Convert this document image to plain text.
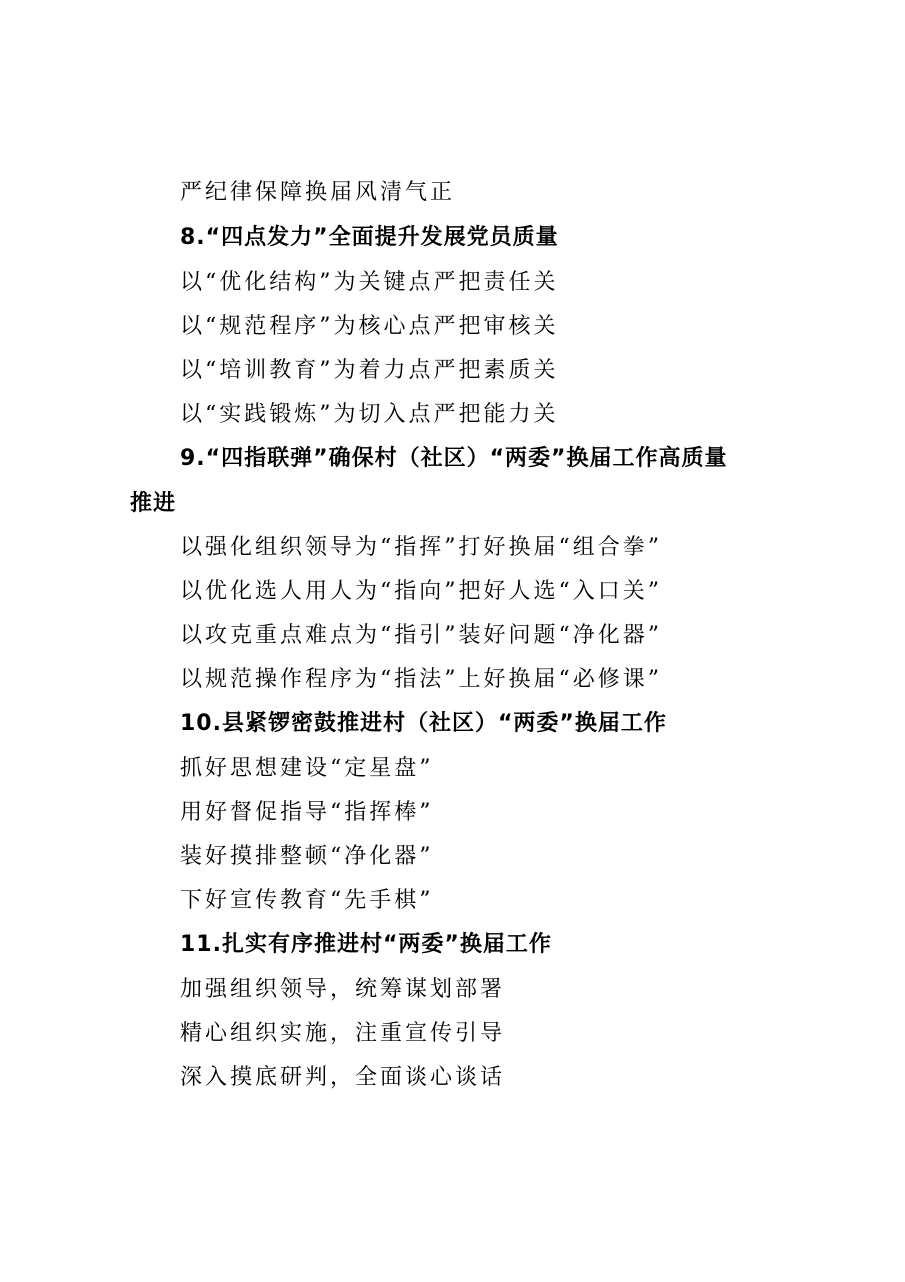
严纪律保障换届风清气正
8.“四点发力”全面提升发展党员质量
以“优化结构”为关键点严把责任关
以“规范程序”为核心点严把审核关
以“培训教育”为着力点严把素质关
以“实践锻炼”为切入点严把能力关
9.“四指联弹”确保村（社区）“两委”换届工作高质量
推进
以强化组织领导为“指挥”打好换届“组合拳”
以优化选人用人为“指向”把好人选“入口关”
以攻克重点难点为“指引”装好问题“净化器”
以规范操作程序为“指法”上好换届“必修课”
10.县紧锣密鼓推进村（社区）“两委”换届工作
抓好思想建设“定星盘”
用好督促指导“指挥棒”
装好摸排整顿“净化器”
下好宣传教育“先手棋”
11.扎实有序推进村“两委”换届工作
加强组织领导，统筹谋划部署
精心组织实施，注重宣传引导
深入摸底研判，全面谈心谈话
